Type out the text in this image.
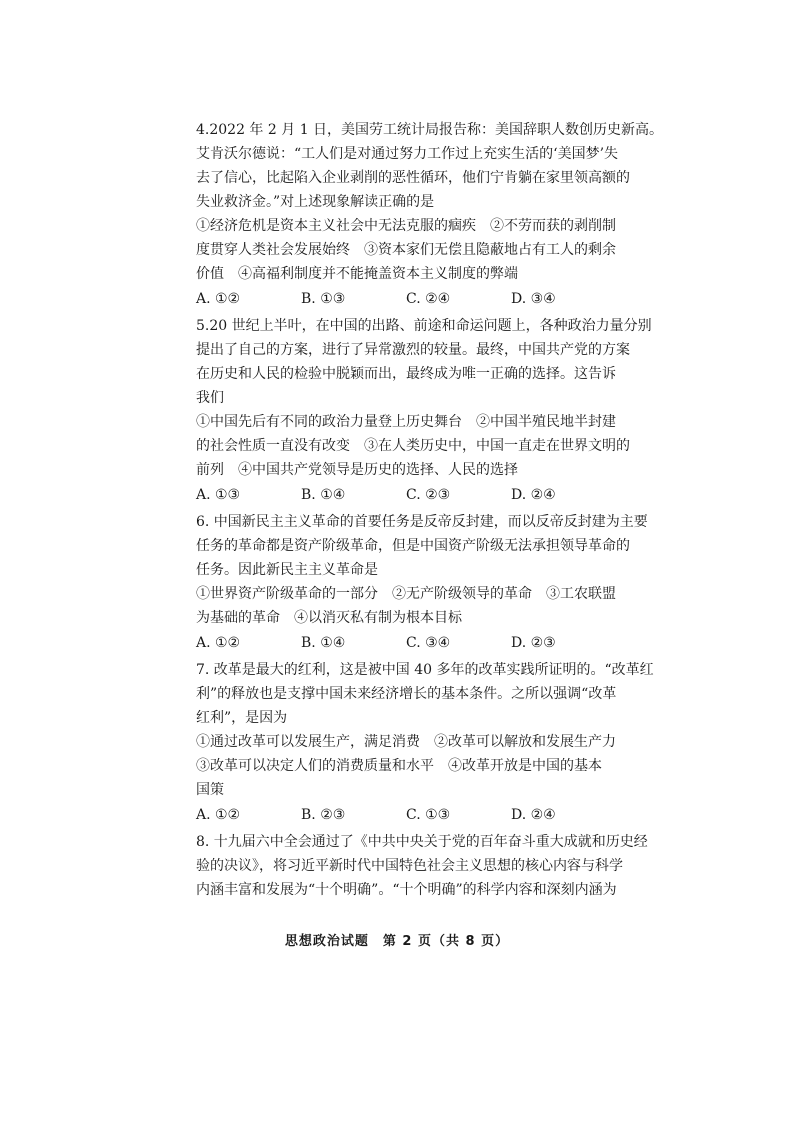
4.2022 年 2 月 1 日，美国劳工统计局报告称：美国辞职人数创历史新高。
艾肯沃尔德说：“工人们是对通过努力工作过上充实生活的‘美国梦’失
去了信心，比起陷入企业剥削的恶性循环，他们宁肯躺在家里领高额的
失业救济金。”对上述现象解读正确的是
①经济危机是资本主义社会中无法克服的痼疾　②不劳而获的剥削制
度贯穿人类社会发展始终　③资本家们无偿且隐蔽地占有工人的剩余
价值　④高福利制度并不能掩盖资本主义制度的弊端
A. ①②	B. ①③	C. ②④	D. ③④
5.20 世纪上半叶，在中国的出路、前途和命运问题上，各种政治力量分别
提出了自己的方案，进行了异常激烈的较量。最终，中国共产党的方案
在历史和人民的检验中脱颖而出，最终成为唯一正确的选择。这告诉
我们
①中国先后有不同的政治力量登上历史舞台　②中国半殖民地半封建
的社会性质一直没有改变　③在人类历史中，中国一直走在世界文明的
前列　④中国共产党领导是历史的选择、人民的选择
A. ①③	B. ①④	C. ②③	D. ②④
6. 中国新民主主义革命的首要任务是反帝反封建，而以反帝反封建为主要
任务的革命都是资产阶级革命，但是中国资产阶级无法承担领导革命的
任务。因此新民主主义革命是
①世界资产阶级革命的一部分　②无产阶级领导的革命　③工农联盟
为基础的革命　④以消灭私有制为根本目标
A. ①②	B. ①④	C. ③④	D. ②③
7. 改革是最大的红利，这是被中国 40 多年的改革实践所证明的。“改革红
利”的释放也是支撑中国未来经济增长的基本条件。之所以强调“改革
红利”，是因为
①通过改革可以发展生产，满足消费　②改革可以解放和发展生产力
③改革可以决定人们的消费质量和水平　④改革开放是中国的基本
国策
A. ①②	B. ②③	C. ①③	D. ②④
8. 十九届六中全会通过了《中共中央关于党的百年奋斗重大成就和历史经
验的决议》，将习近平新时代中国特色社会主义思想的核心内容与科学
内涵丰富和发展为“十个明确”。“十个明确”的科学内容和深刻内涵为
思想政治试题　第 2 页（共 8 页）
